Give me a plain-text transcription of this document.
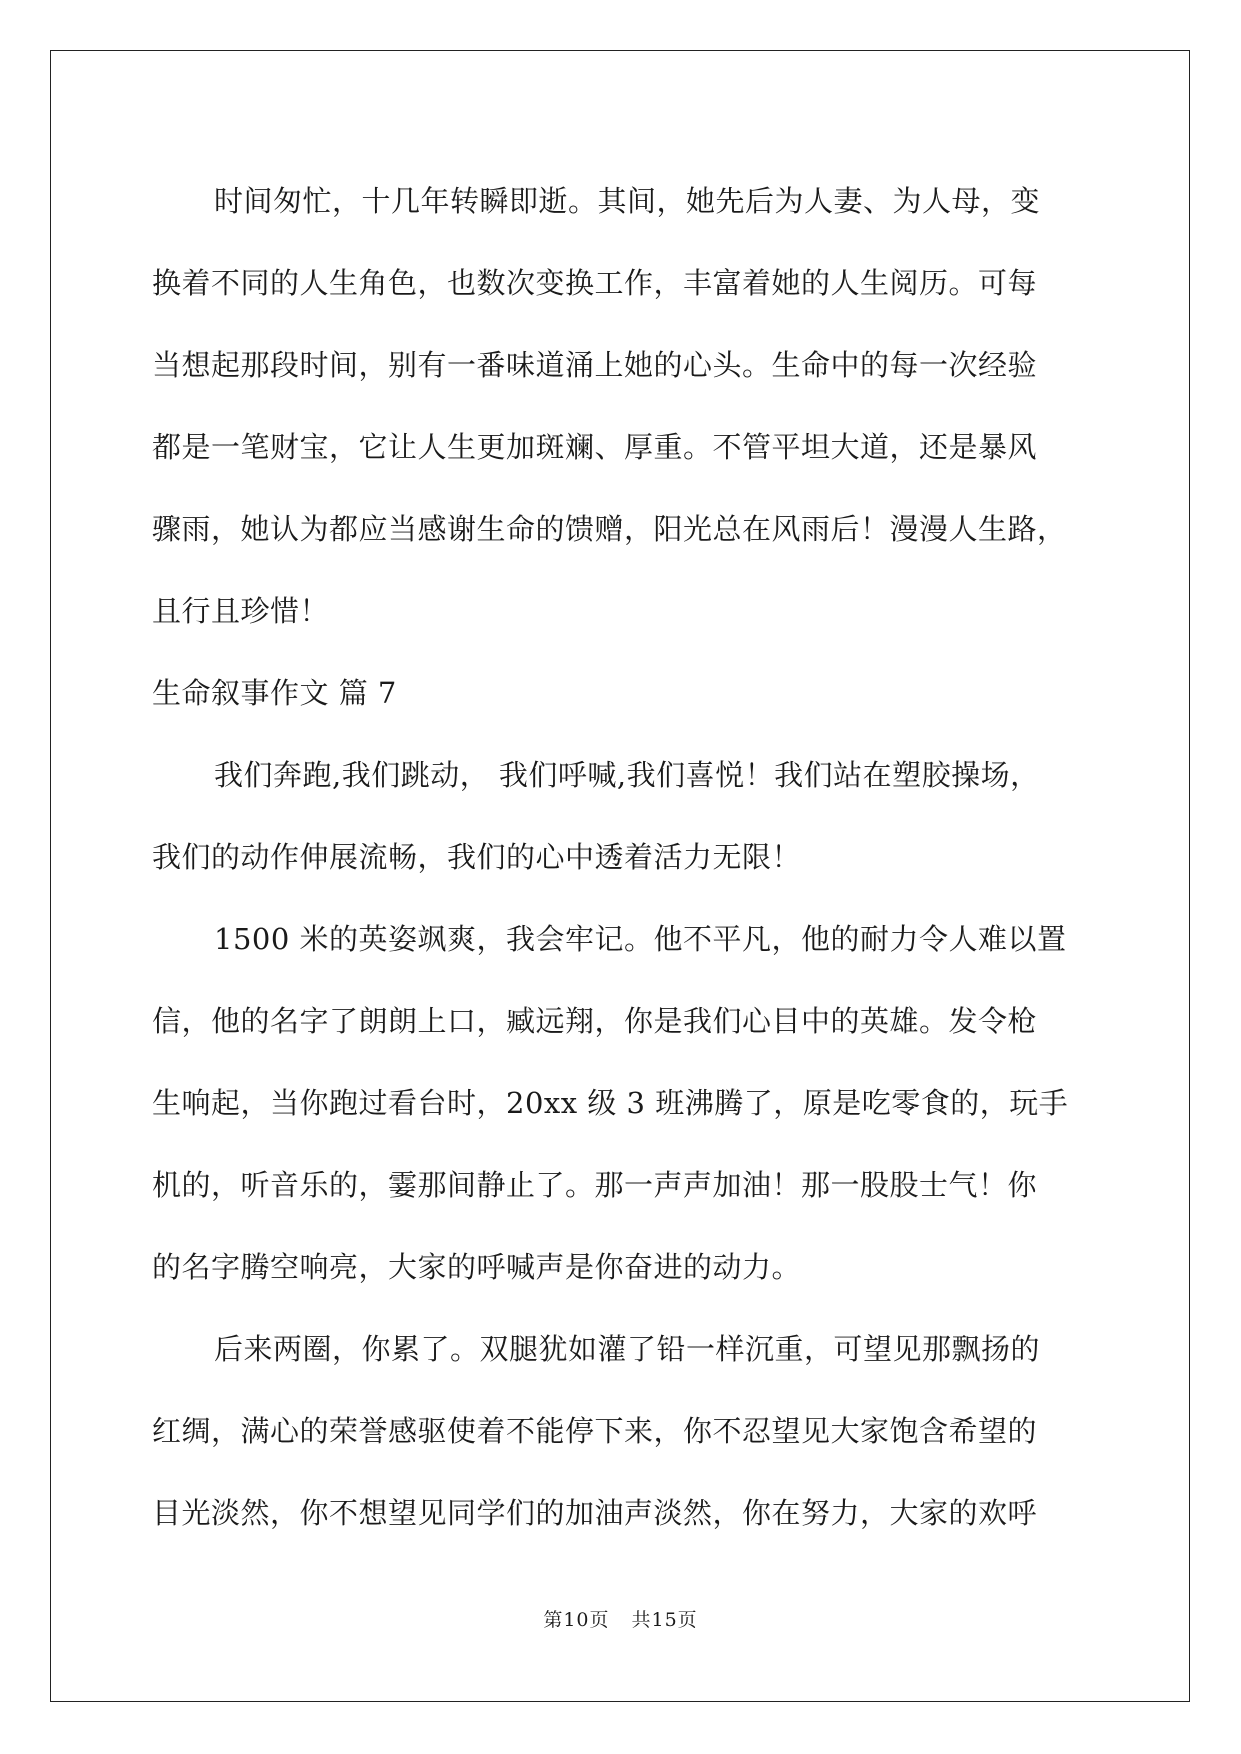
时间匆忙，十几年转瞬即逝。其间，她先后为人妻、为人母，变
换着不同的人生角色，也数次变换工作，丰富着她的人生阅历。可每
当想起那段时间，别有一番味道涌上她的心头。生命中的每一次经验
都是一笔财宝，它让人生更加斑斓、厚重。不管平坦大道，还是暴风
骤雨，她认为都应当感谢生命的馈赠，阳光总在风雨后！漫漫人生路，
且行且珍惜！
生命叙事作文 篇 7
我们奔跑,我们跳动， 我们呼喊,我们喜悦！我们站在塑胶操场，
我们的动作伸展流畅，我们的心中透着活力无限！
1500 米的英姿飒爽，我会牢记。他不平凡，他的耐力令人难以置
信，他的名字了朗朗上口，臧远翔，你是我们心目中的英雄。发令枪
生响起，当你跑过看台时，20xx 级 3 班沸腾了，原是吃零食的，玩手
机的，听音乐的，霎那间静止了。那一声声加油！那一股股士气！你
的名字腾空响亮，大家的呼喊声是你奋进的动力。
后来两圈，你累了。双腿犹如灌了铅一样沉重，可望见那飘扬的
红绸，满心的荣誉感驱使着不能停下来，你不忍望见大家饱含希望的
目光淡然，你不想望见同学们的加油声淡然，你在努力，大家的欢呼
第10页 共15页
